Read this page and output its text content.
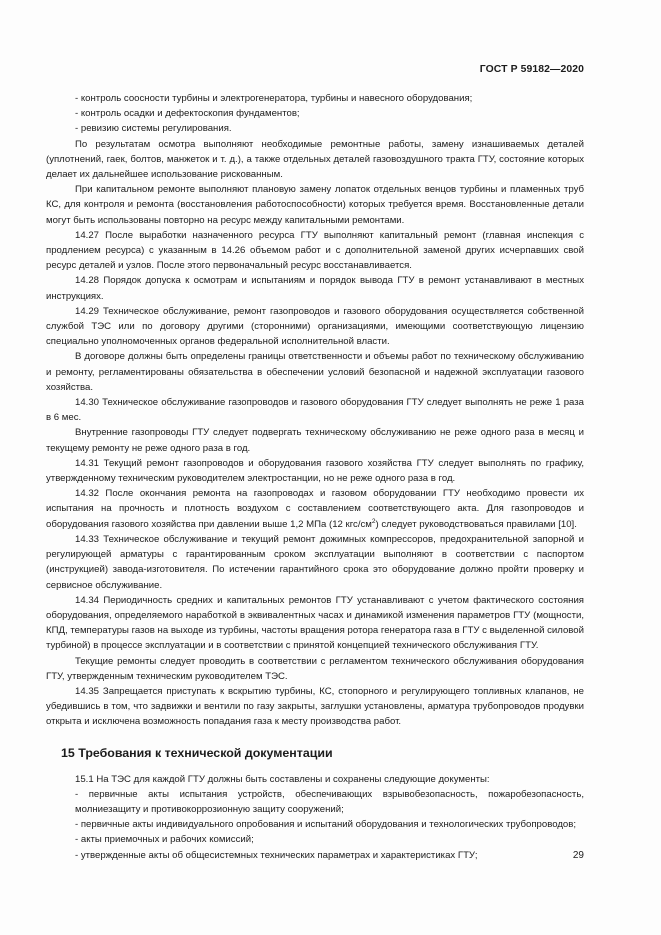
ГОСТ Р 59182—2020

- контроль соосности турбины и электрогенератора, турбины и навесного оборудования;

- контроль осадки и дефектоскопия фундаментов;

- ревизию системы регулирования.

По результатам осмотра выполняют необходимые ремонтные работы, замену изнашиваемых деталей (уплотнений, гаек, болтов, манжеток и т. д.), а также отдельных деталей газовоздушного тракта ГТУ, состояние которых делает их дальнейшее использование рискованным.

При капитальном ремонте выполняют плановую замену лопаток отдельных венцов турбины и пламенных труб КС, для контроля и ремонта (восстановления работоспособности) которых требуется время. Восстановленные детали могут быть использованы повторно на ресурс между капитальными ремонтами.

14.27 После выработки назначенного ресурса ГТУ выполняют капитальный ремонт (главная инспекция с продлением ресурса) с указанным в 14.26 объемом работ и с дополнительной заменой других исчерпавших свой ресурс деталей и узлов. После этого первоначальный ресурс восстанавливается.

14.28 Порядок допуска к осмотрам и испытаниям и порядок вывода ГТУ в ремонт устанавливают в местных инструкциях.

14.29 Техническое обслуживание, ремонт газопроводов и газового оборудования осуществляется собственной службой ТЭС или по договору другими (сторонними) организациями, имеющими соответствующую лицензию специально уполномоченных органов федеральной исполнительной власти.

В договоре должны быть определены границы ответственности и объемы работ по техническому обслуживанию и ремонту, регламентированы обязательства в обеспечении условий безопасной и надежной эксплуатации газового хозяйства.

14.30 Техническое обслуживание газопроводов и газового оборудования ГТУ следует выполнять не реже 1 раза в 6 мес.

Внутренние газопроводы ГТУ следует подвергать техническому обслуживанию не реже одного раза в месяц и текущему ремонту не реже одного раза в год.

14.31 Текущий ремонт газопроводов и оборудования газового хозяйства ГТУ следует выполнять по графику, утвержденному техническим руководителем электростанции, но не реже одного раза в год.

14.32 После окончания ремонта на газопроводах и газовом оборудовании ГТУ необходимо провести их испытания на прочность и плотность воздухом с составлением соответствующего акта. Для газопроводов и оборудования газового хозяйства при давлении выше 1,2 МПа (12 кгс/$см^2$) следует руководствоваться правилами [10].

14.33 Техническое обслуживание и текущий ремонт дожимных компрессоров, предохранительной запорной и регулирующей арматуры с гарантированным сроком эксплуатации выполняют в соответствии с паспортом (инструкцией) завода-изготовителя. По истечении гарантийного срока это оборудование должно пройти проверку и сервисное обслуживание.

14.34 Периодичность средних и капитальных ремонтов ГТУ устанавливают с учетом фактического состояния оборудования, определяемого наработкой в эквивалентных часах и динамикой изменения параметров ГТУ (мощности, КПД, температуры газов на выходе из турбины, частоты вращения ротора генератора газа в ГТУ с выделенной силовой турбиной) в процессе эксплуатации и в соответствии с принятой концепцией технического обслуживания ГТУ.

Текущие ремонты следует проводить в соответствии с регламентом технического обслуживания оборудования ГТУ, утвержденным техническим руководителем ТЭС.

14.35 Запрещается приступать к вскрытию турбины, КС, стопорного и регулирующего топливных клапанов, не убедившись в том, что задвижки и вентили по газу закрыты, заглушки установлены, арматура трубопроводов продувки открыта и исключена возможность попадания газа к месту производства работ.

15 Требования к технической документации

15.1 На ТЭС для каждой ГТУ должны быть составлены и сохранены следующие документы:

- первичные акты испытания устройств, обеспечивающих взрывобезопасность, пожаробезопасность, молниезащиту и противокоррозионную защиту сооружений;

- первичные акты индивидуального опробования и испытаний оборудования и технологических трубопроводов;

- акты приемочных и рабочих комиссий;

- утвержденные акты об общесистемных технических параметрах и характеристиках ГТУ;	29
